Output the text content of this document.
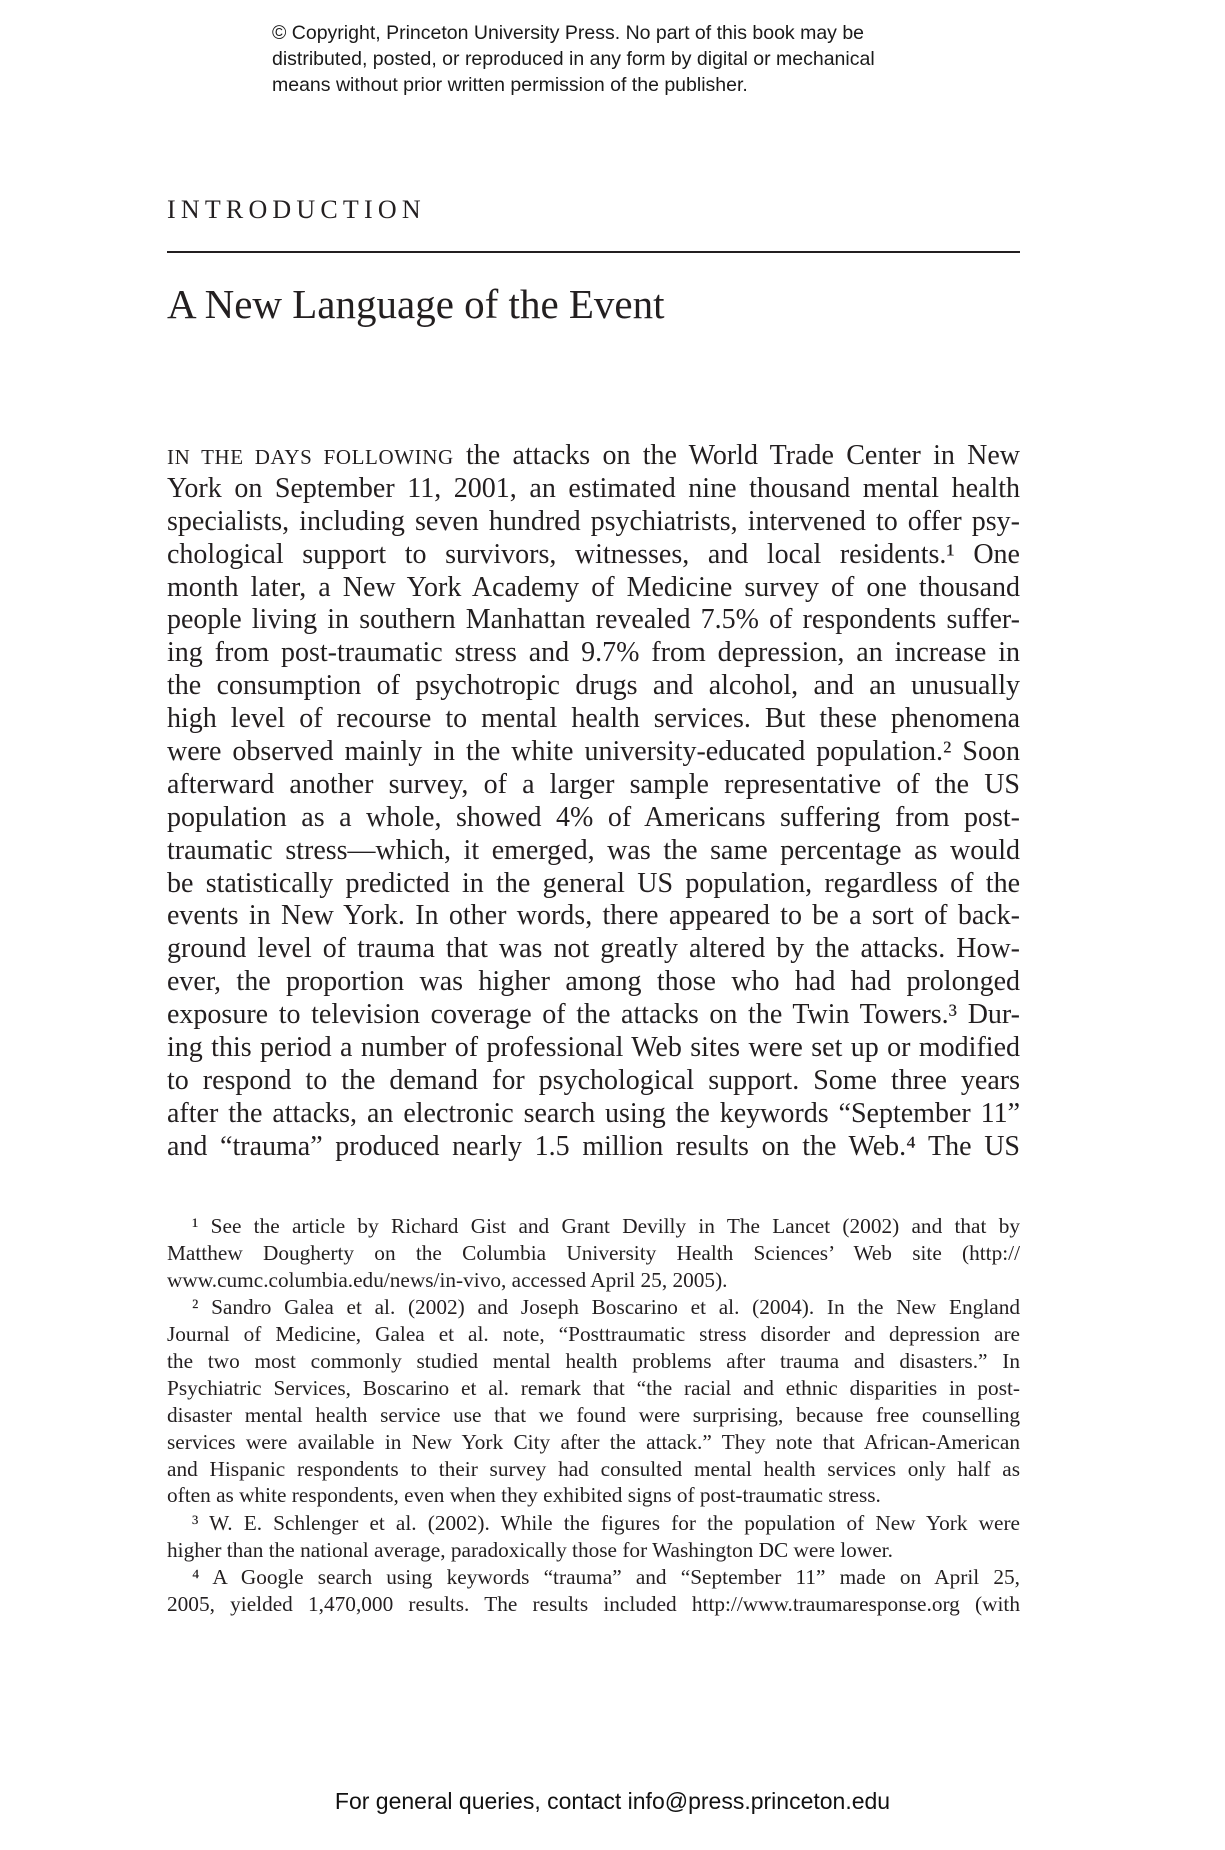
© Copyright, Princeton University Press. No part of this book may be
distributed, posted, or reproduced in any form by digital or mechanical
means without prior written permission of the publisher.
INTRODUCTION
A New Language of the Event
IN THE DAYS FOLLOWING the attacks on the World Trade Center in New
York on September 11, 2001, an estimated nine thousand mental health
specialists, including seven hundred psychiatrists, intervened to offer psy-
chological support to survivors, witnesses, and local residents.¹ One
month later, a New York Academy of Medicine survey of one thousand
people living in southern Manhattan revealed 7.5% of respondents suffer-
ing from post-traumatic stress and 9.7% from depression, an increase in
the consumption of psychotropic drugs and alcohol, and an unusually
high level of recourse to mental health services. But these phenomena
were observed mainly in the white university-educated population.² Soon
afterward another survey, of a larger sample representative of the US
population as a whole, showed 4% of Americans suffering from post-
traumatic stress—which, it emerged, was the same percentage as would
be statistically predicted in the general US population, regardless of the
events in New York. In other words, there appeared to be a sort of back-
ground level of trauma that was not greatly altered by the attacks. How-
ever, the proportion was higher among those who had had prolonged
exposure to television coverage of the attacks on the Twin Towers.³ Dur-
ing this period a number of professional Web sites were set up or modified
to respond to the demand for psychological support. Some three years
after the attacks, an electronic search using the keywords “September 11”
and “trauma” produced nearly 1.5 million results on the Web.⁴ The US
¹ See the article by Richard Gist and Grant Devilly in The Lancet (2002) and that by
Matthew Dougherty on the Columbia University Health Sciences’ Web site (http://
www.cumc.columbia.edu/news/in-vivo, accessed April 25, 2005).
² Sandro Galea et al. (2002) and Joseph Boscarino et al. (2004). In the New England
Journal of Medicine, Galea et al. note, “Posttraumatic stress disorder and depression are
the two most commonly studied mental health problems after trauma and disasters.” In
Psychiatric Services, Boscarino et al. remark that “the racial and ethnic disparities in post-
disaster mental health service use that we found were surprising, because free counselling
services were available in New York City after the attack.” They note that African-American
and Hispanic respondents to their survey had consulted mental health services only half as
often as white respondents, even when they exhibited signs of post-traumatic stress.
³ W. E. Schlenger et al. (2002). While the figures for the population of New York were
higher than the national average, paradoxically those for Washington DC were lower.
⁴ A Google search using keywords “trauma” and “September 11” made on April 25,
2005, yielded 1,470,000 results. The results included http://www.traumaresponse.org (with
For general queries, contact info@press.princeton.edu
